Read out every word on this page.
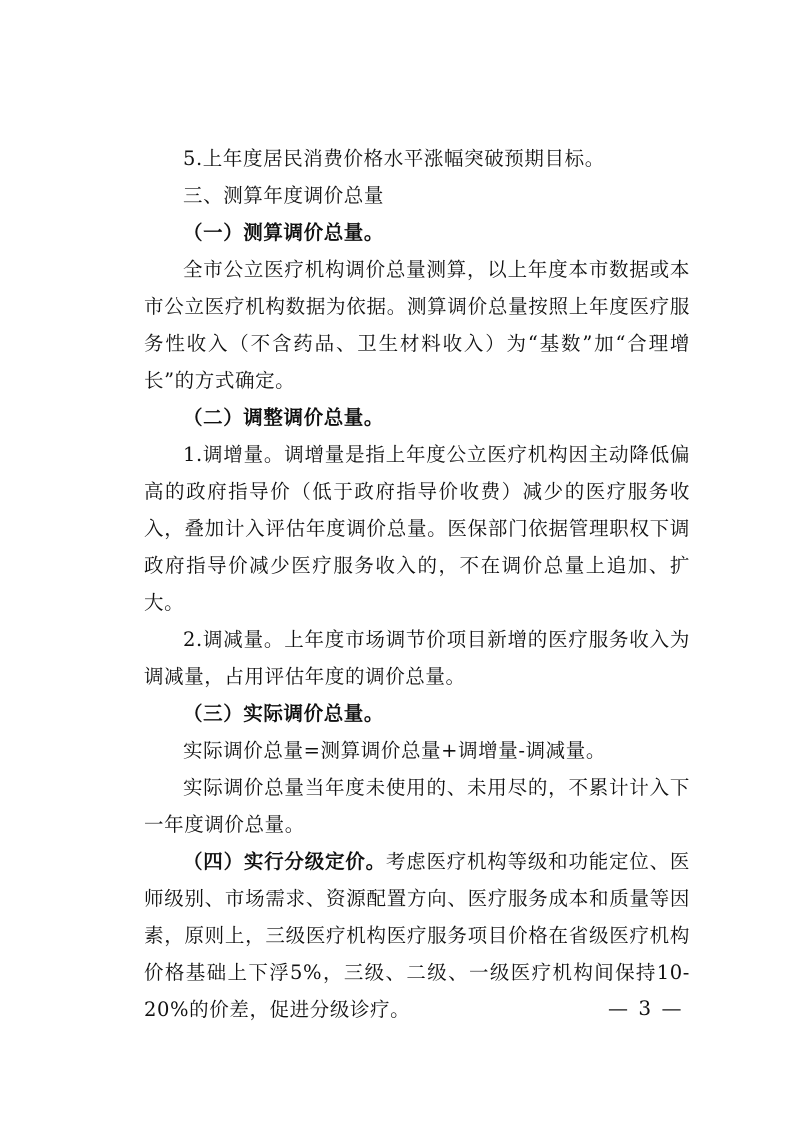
5.上年度居民消费价格水平涨幅突破预期目标。

三、测算年度调价总量

（一）测算调价总量。

全市公立医疗机构调价总量测算，以上年度本市数据或本市公立医疗机构数据为依据。测算调价总量按照上年度医疗服务性收入（不含药品、卫生材料收入）为“基数”加“合理增长”的方式确定。

（二）调整调价总量。

1.调增量。调增量是指上年度公立医疗机构因主动降低偏高的政府指导价（低于政府指导价收费）减少的医疗服务收入，叠加计入评估年度调价总量。医保部门依据管理职权下调政府指导价减少医疗服务收入的，不在调价总量上追加、扩大。

2.调减量。上年度市场调节价项目新增的医疗服务收入为调减量，占用评估年度的调价总量。

（三）实际调价总量。

实际调价总量=测算调价总量+调增量-调减量。

实际调价总量当年度未使用的、未用尽的，不累计计入下一年度调价总量。

（四）实行分级定价。考虑医疗机构等级和功能定位、医师级别、市场需求、资源配置方向、医疗服务成本和质量等因素，原则上，三级医疗机构医疗服务项目价格在省级医疗机构价格基础上下浮5%，三级、二级、一级医疗机构间保持10-20%的价差，促进分级诊疗。	— 3 —
